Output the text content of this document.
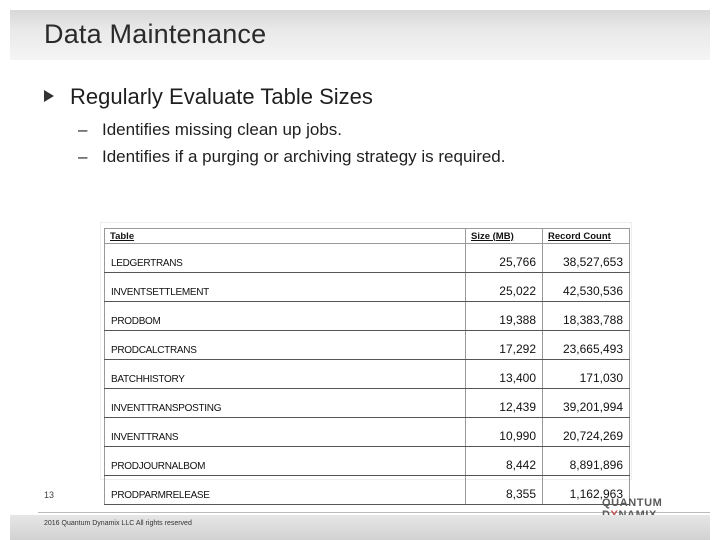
Data Maintenance
Regularly Evaluate Table Sizes
– Identifies missing clean up jobs.
– Identifies if a purging or archiving strategy is required.
Table	Size (MB)	Record Count
LEDGERTRANS	25,766	38,527,653
INVENTSETTLEMENT	25,022	42,530,536
PRODBOM	19,388	18,383,788
PRODCALCTRANS	17,292	23,665,493
BATCHHISTORY	13,400	171,030
INVENTTRANSPOSTING	12,439	39,201,994
INVENTTRANS	10,990	20,724,269
PRODJOURNALBOM	8,442	8,891,896
PRODPARMRELEASE	8,355	1,162,963
13
QUANTUM
2016 Quantum Dynamix LLC All rights reserved
